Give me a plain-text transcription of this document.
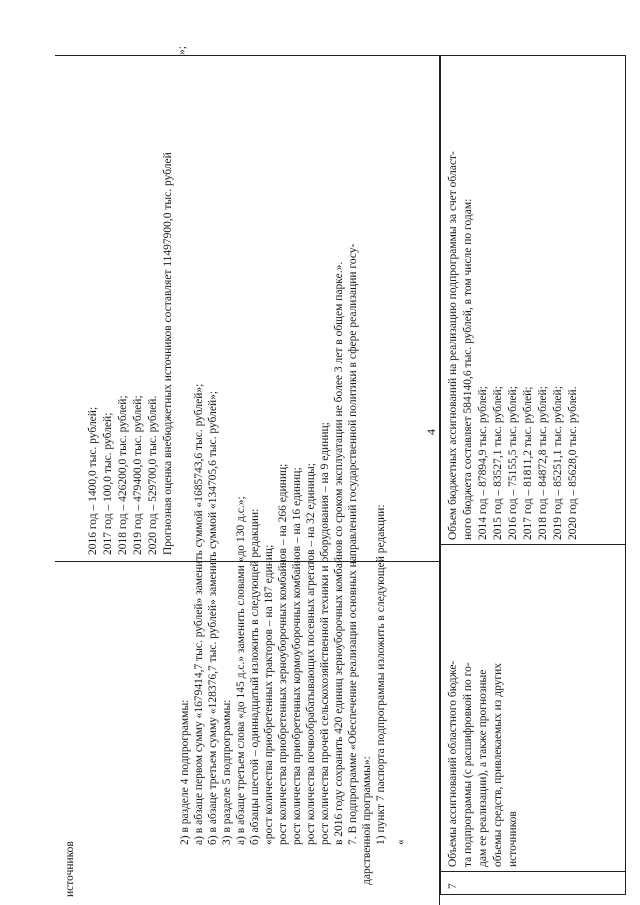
4
источников
2016 год – 1400,0 тыс. рублей; 2017 год – 100,0 тыс. рублей; 2018 год – 426200,0 тыс. рублей; 2019 год – 479400,0 тыс. рублей; 2020 год – 529700,0 тыс. рублей. Прогнозная оценка внебюджетных источников составляет 11497900,0 тыс. рублей
»;
2) в разделе 4 подпрограммы: а) в абзаце первом сумму «1679414,7 тыс. рублей» заменить суммой «1685743,6 тыс. рублей»; б) в абзаце третьем сумму «128376,7 тыс. рублей» заменить суммой «134705,6 тыс. рублей»; 3) в разделе 5 подпрограммы: а) в абзаце третьем слова «до 145 д.с.» заменить словами «до 130 д.с.»; б) абзацы шестой – одиннадцатый изложить в следующей редакции: «рост количества приобретенных тракторов – на 187 единиц; рост количества приобретенных зерноуборочных комбайнов – на 266 единиц; рост количества приобретенных кормоуборочных комбайнов – на 16 единиц; рост количества почвообрабатывающих посевных агрегатов – на 32 единицы; рост количества прочей сельскохозяйственной техники и оборудования – на 9 единиц; в 2016 году сохранить 420 единиц зерноуборочных комбайнов со сроком эксплуатации не более 3 лет в общем парке.». 7. В подпрограмме «Обеспечение реализации основных направлений государственной политики в сфере реализации госу- дарственной программы»: 1) пункт 7 паспорта подпрограммы изложить в следующей редакции: «
7
Объемы ассигнований областного бюдже- та подпрограммы (с расшифровкой по го- дам ее реализации), а также прогнозные объемы средств, привлекаемых из других источников
Объем бюджетных ассигнований на реализацию подпрограммы за счет област- ного бюджета составляет 584140,6 тыс. рублей, в том числе по годам: 2014 год – 87894,9 тыс. рублей; 2015 год – 83527,1 тыс. рублей; 2016 год – 75155,5 тыс. рублей; 2017 год – 81811,2 тыс. рублей; 2018 год – 84872,8 тыс. рублей; 2019 год – 85251,1 тыс. рублей; 2020 год – 85628,0 тыс. рублей.
